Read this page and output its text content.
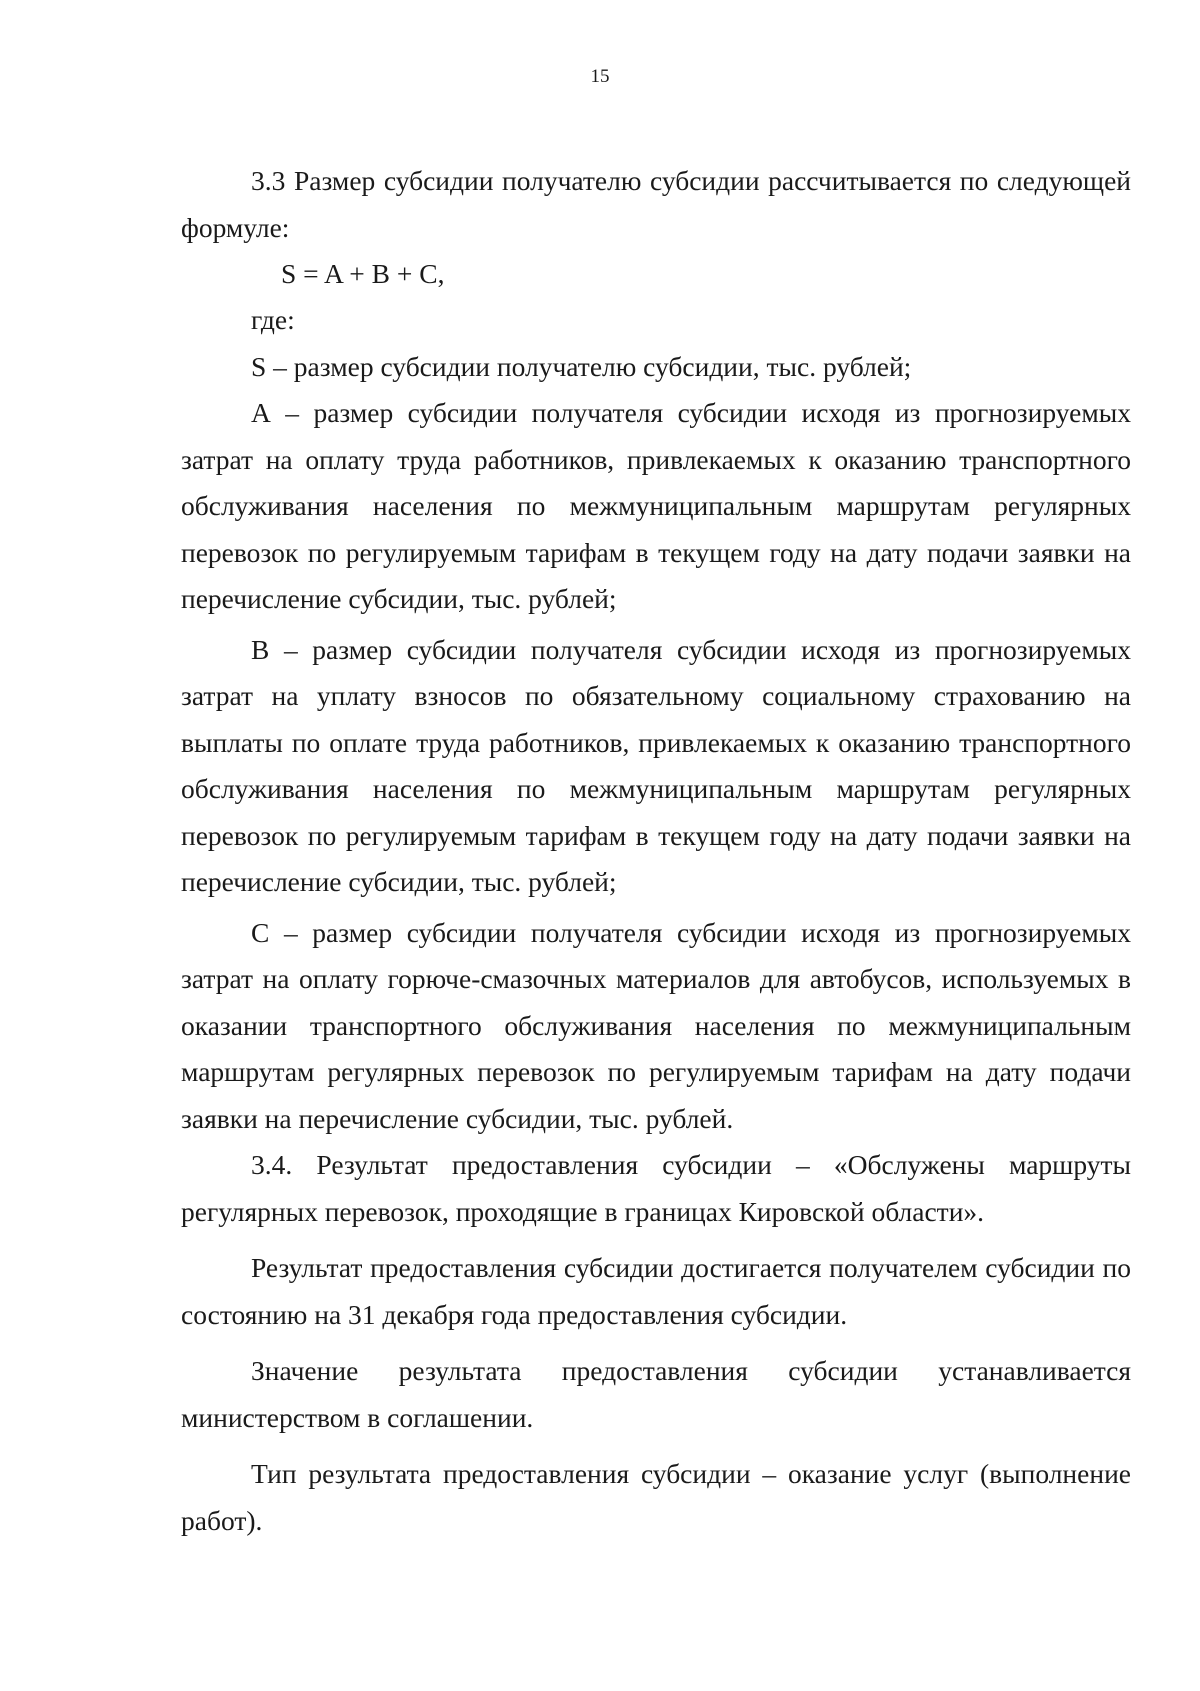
15

3.3 Размер субсидии получателю субсидии рассчитывается по следующей формуле:

S = A + B + C,

где:

S – размер субсидии получателю субсидии, тыс. рублей;

А – размер субсидии получателя субсидии исходя из прогнозируемых затрат на оплату труда работников, привлекаемых к оказанию транспортного обслуживания населения по межмуниципальным маршрутам регулярных перевозок по регулируемым тарифам в текущем году на дату подачи заявки на перечисление субсидии, тыс. рублей;

В – размер субсидии получателя субсидии исходя из прогнозируемых затрат на уплату взносов по обязательному социальному страхованию на выплаты по оплате труда работников, привлекаемых к оказанию транспортного обслуживания населения по межмуниципальным маршрутам регулярных перевозок по регулируемым тарифам в текущем году на дату подачи заявки на перечисление субсидии, тыс. рублей;

С – размер субсидии получателя субсидии исходя из прогнозируемых затрат на оплату горюче-смазочных материалов для автобусов, используемых в оказании транспортного обслуживания населения по межмуниципальным маршрутам регулярных перевозок по регулируемым тарифам на дату подачи заявки на перечисление субсидии, тыс. рублей.

3.4. Результат предоставления субсидии – «Обслужены маршруты регулярных перевозок, проходящие в границах Кировской области».

Результат предоставления субсидии достигается получателем субсидии по состоянию на 31 декабря года предоставления субсидии.

Значение результата предоставления субсидии устанавливается министерством в соглашении.

Тип результата предоставления субсидии – оказание услуг (выполнение работ).
